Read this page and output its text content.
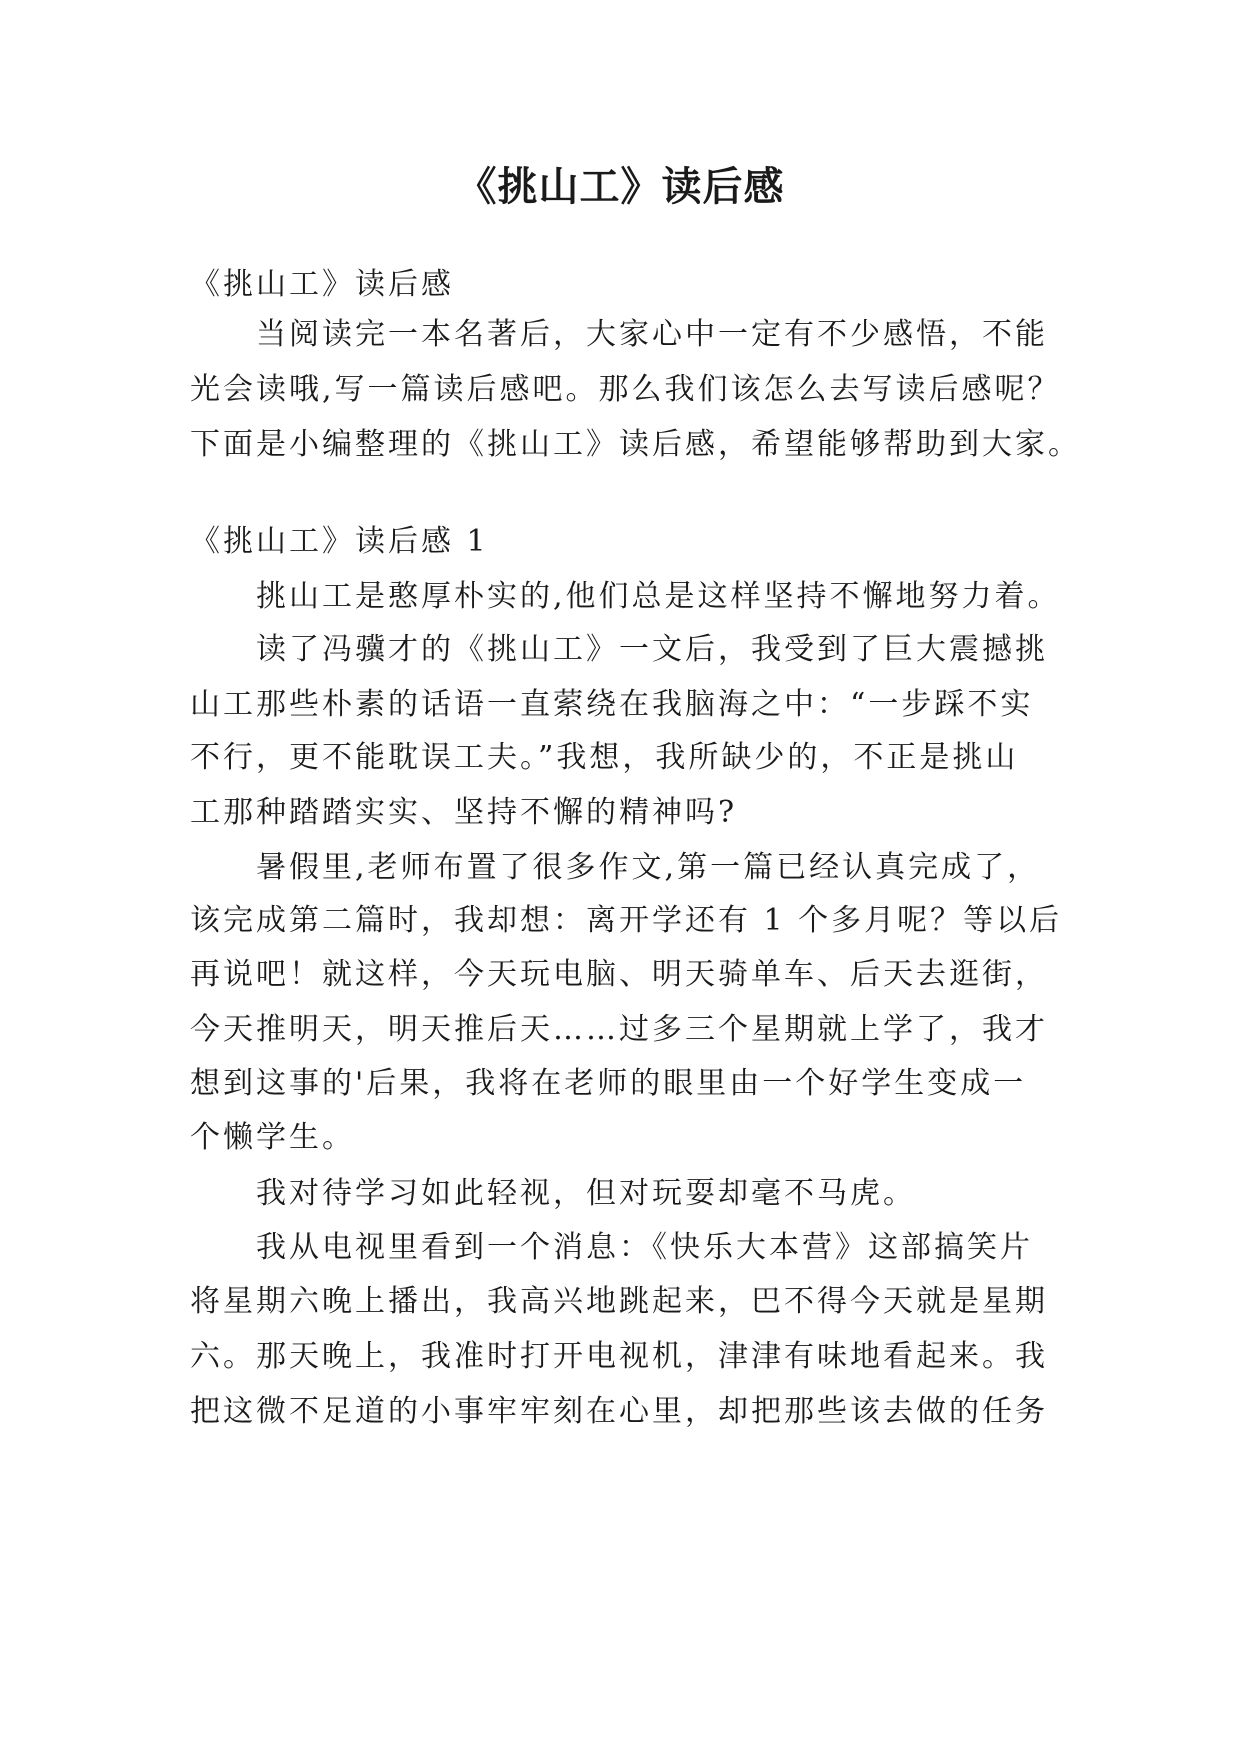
《挑山工》读后感

《挑山工》读后感

当阅读完一本名著后，大家心中一定有不少感悟，不能

光会读哦,写一篇读后感吧。那么我们该怎么去写读后感呢？

下面是小编整理的《挑山工》读后感，希望能够帮助到大家。

《挑山工》读后感 1

挑山工是憨厚朴实的,他们总是这样坚持不懈地努力着。

读了冯骥才的《挑山工》一文后，我受到了巨大震撼挑

山工那些朴素的话语一直萦绕在我脑海之中：“一步踩不实

不行，更不能耽误工夫。”我想，我所缺少的，不正是挑山

工那种踏踏实实、坚持不懈的精神吗?

暑假里,老师布置了很多作文,第一篇已经认真完成了，

该完成第二篇时，我却想：离开学还有 1 个多月呢？等以后

再说吧！就这样，今天玩电脑、明天骑单车、后天去逛街，

今天推明天，明天推后天……过多三个星期就上学了，我才

想到这事的'后果，我将在老师的眼里由一个好学生变成一

个懒学生。

我对待学习如此轻视，但对玩耍却毫不马虎。

我从电视里看到一个消息：《快乐大本营》这部搞笑片

将星期六晚上播出，我高兴地跳起来，巴不得今天就是星期

六。那天晚上，我准时打开电视机，津津有味地看起来。我

把这微不足道的小事牢牢刻在心里，却把那些该去做的任务
